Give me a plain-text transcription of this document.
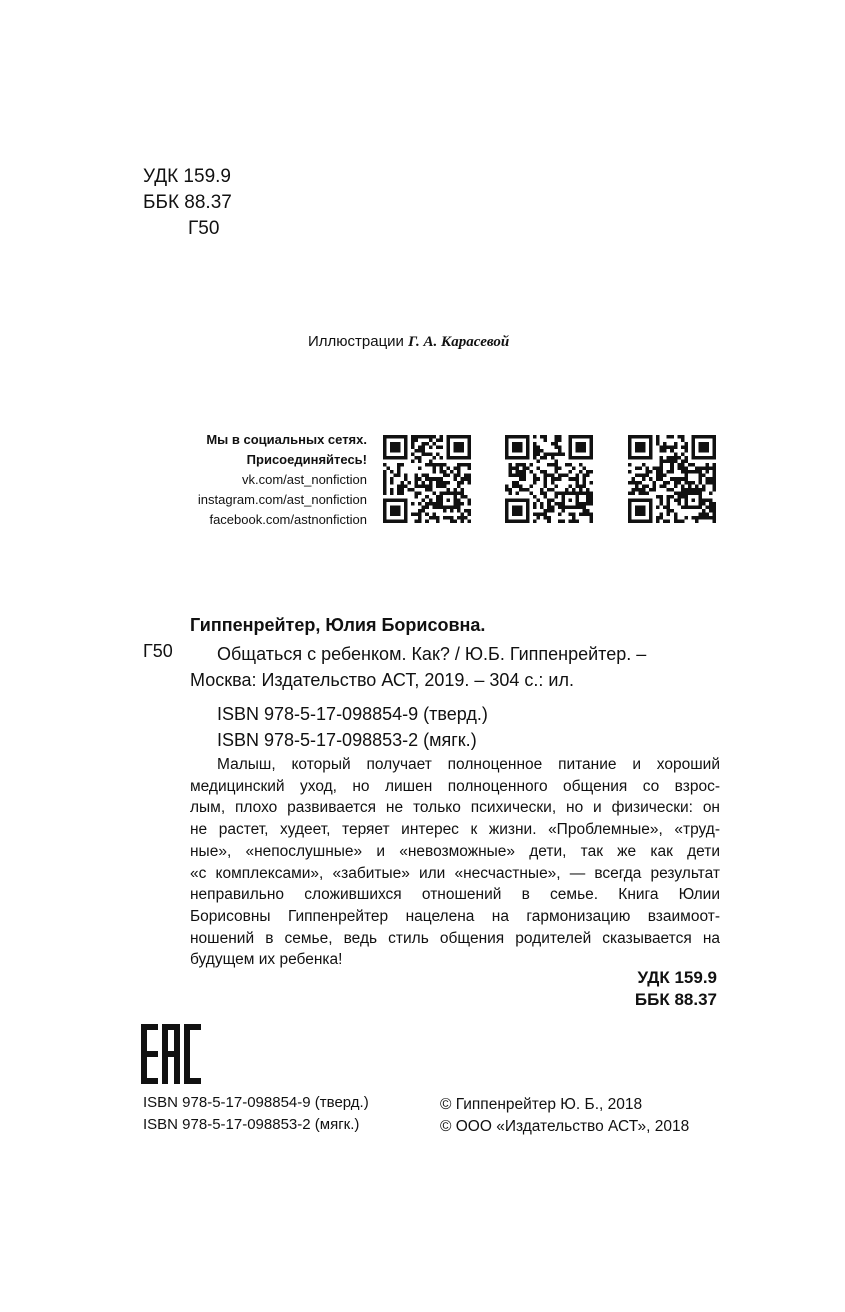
УДК 159.9
ББК 88.37
Г50
Иллюстрации Г. А. Карасевой
Мы в социальных сетях.
Присоединяйтесь!
vk.com/ast_nonfiction
instagram.com/ast_nonfiction
facebook.com/astnonfiction
Гиппенрейтер, Юлия Борисовна.
Г50	Общаться с ребенком. Как? / Ю.Б. Гиппенрейтер. –
Москва: Издательство АСТ, 2019. – 304 с.: ил.
ISBN 978-5-17-098854-9 (тверд.)
ISBN 978-5-17-098853-2 (мягк.)
Малыш, который получает полноценное питание и хороший
медицинский уход, но лишен полноценного общения со взрос-
лым, плохо развивается не только психически, но и физически: он
не растет, худеет, теряет интерес к жизни. «Проблемные», «труд-
ные», «непослушные» и «невозможные» дети, так же как дети
«с комплексами», «забитые» или «несчастные», — всегда результат
неправильно сложившихся отношений в семье. Книга Юлии
Борисовны Гиппенрейтер нацелена на гармонизацию взаимоот-
ношений в семье, ведь стиль общения родителей сказывается на
будущем их ребенка!
УДК 159.9
ББК 88.37
ISBN 978-5-17-098854-9 (тверд.)
ISBN 978-5-17-098853-2 (мягк.)
© Гиппенрейтер Ю. Б., 2018
© ООО «Издательство АСТ», 2018
